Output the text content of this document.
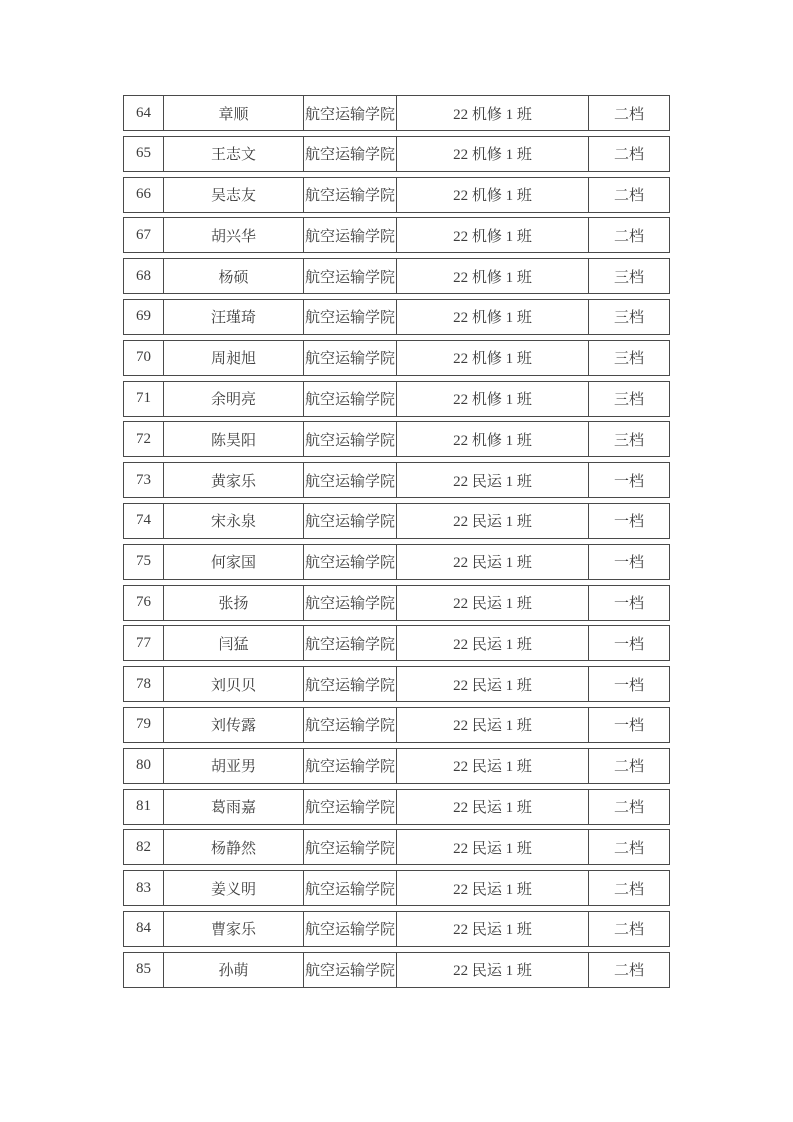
64	章顺	航空运输学院	22 机修 1 班	二档
65	王志文	航空运输学院	22 机修 1 班	二档
66	吴志友	航空运输学院	22 机修 1 班	二档
67	胡兴华	航空运输学院	22 机修 1 班	二档
68	杨硕	航空运输学院	22 机修 1 班	三档
69	汪瑾琦	航空运输学院	22 机修 1 班	三档
70	周昶旭	航空运输学院	22 机修 1 班	三档
71	余明亮	航空运输学院	22 机修 1 班	三档
72	陈昊阳	航空运输学院	22 机修 1 班	三档
73	黄家乐	航空运输学院	22 民运 1 班	一档
74	宋永泉	航空运输学院	22 民运 1 班	一档
75	何家国	航空运输学院	22 民运 1 班	一档
76	张扬	航空运输学院	22 民运 1 班	一档
77	闫猛	航空运输学院	22 民运 1 班	一档
78	刘贝贝	航空运输学院	22 民运 1 班	一档
79	刘传露	航空运输学院	22 民运 1 班	一档
80	胡亚男	航空运输学院	22 民运 1 班	二档
81	葛雨嘉	航空运输学院	22 民运 1 班	二档
82	杨静然	航空运输学院	22 民运 1 班	二档
83	姜义明	航空运输学院	22 民运 1 班	二档
84	曹家乐	航空运输学院	22 民运 1 班	二档
85	孙萌	航空运输学院	22 民运 1 班	二档
